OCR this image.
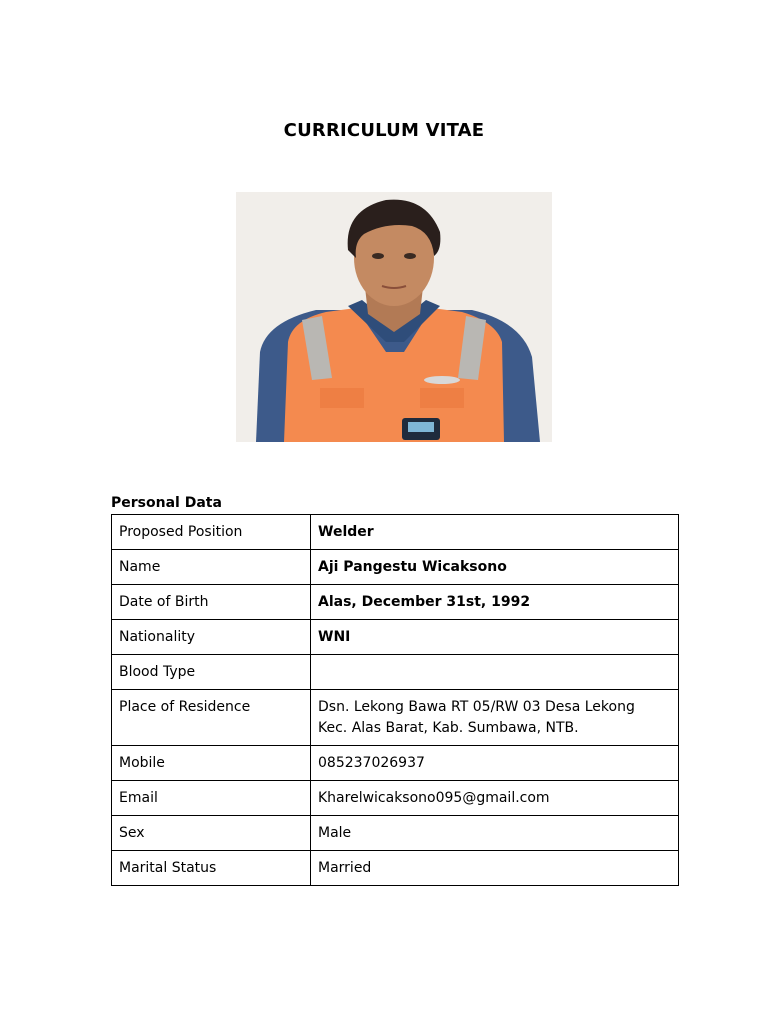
CURRICULUM VITAE
Personal Data
Proposed Position	Welder
Name	Aji Pangestu Wicaksono
Date of Birth	Alas, December 31st, 1992
Nationality	WNI
Blood Type	
Place of Residence	Dsn. Lekong Bawa RT 05/RW 03 Desa Lekong
Kec. Alas Barat, Kab. Sumbawa, NTB.

Mobile	085237026937
Email	Kharelwicaksono095@gmail.com
Sex	Male
Marital Status	Married
